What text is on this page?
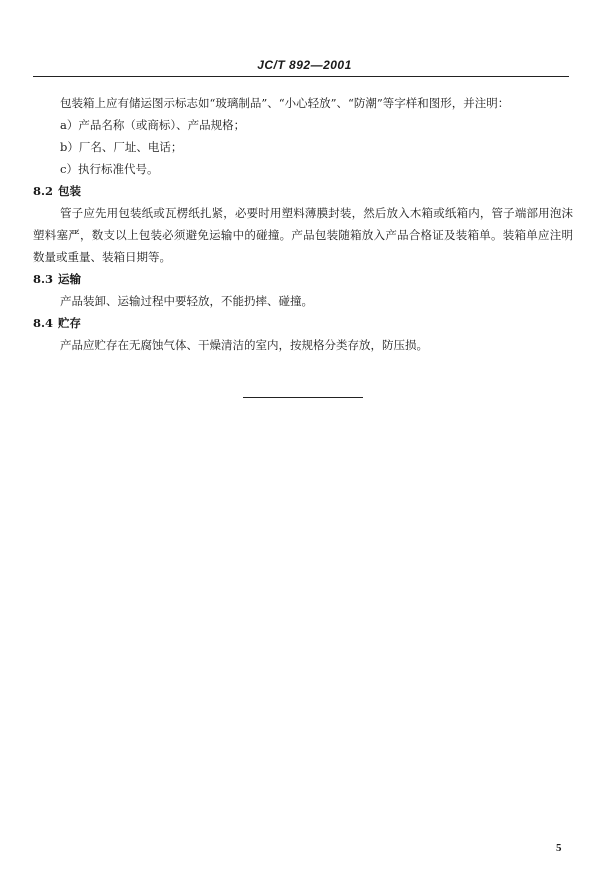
JC/T 892—2001

包装箱上应有储运图示标志如“玻璃制品”、“小心轻放”、“防潮”等字样和图形，并注明：

a）产品名称（或商标）、产品规格；

b）厂名、厂址、电话；

c）执行标准代号。

8.2 包装

管子应先用包装纸或瓦楞纸扎紧，必要时用塑料薄膜封装，然后放入木箱或纸箱内，管子端部用泡沫塑料塞严，数支以上包装必须避免运输中的碰撞。产品包装随箱放入产品合格证及装箱单。装箱单应注明数量或重量、装箱日期等。

8.3 运输

产品装卸、运输过程中要轻放，不能扔摔、碰撞。

8.4 贮存

产品应贮存在无腐蚀气体、干燥清洁的室内，按规格分类存放，防压损。

5
